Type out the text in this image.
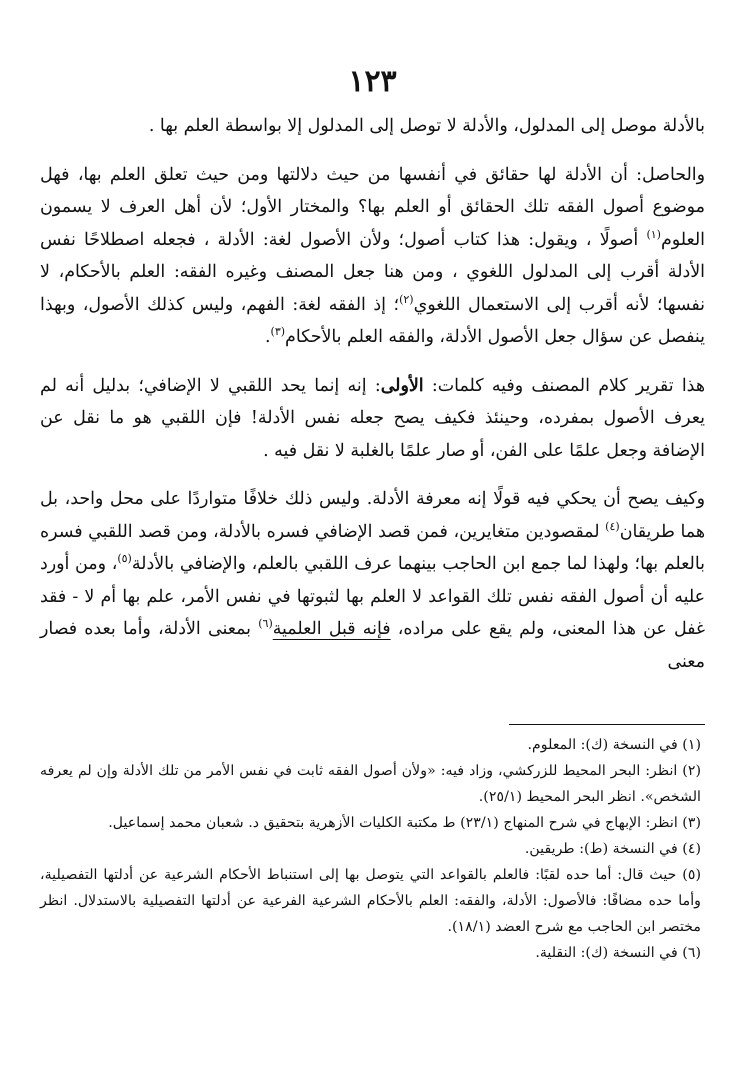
١٢٣

بالأدلة موصل إلى المدلول، والأدلة لا توصل إلى المدلول إلا بواسطة العلم بها .

والحاصل: أن الأدلة لها حقائق في أنفسها من حيث دلالتها ومن حيث تعلق العلم بها، فهل موضوع أصول الفقه تلك الحقائق أو العلم بها؟ والمختار الأول؛ لأن أهل العرف لا يسمون العلوم$^{(١)}$ أصولًا ، ويقول: هذا كتاب أصول؛ ولأن الأصول لغة: الأدلة ، فجعله اصطلاحًا نفس الأدلة أقرب إلى المدلول اللغوي ، ومن هنا جعل المصنف وغيره الفقه: العلم بالأحكام، لا نفسها؛ لأنه أقرب إلى الاستعمال اللغوي$^{(٢)}$؛ إذ الفقه لغة: الفهم، وليس كذلك الأصول، وبهذا ينفصل عن سؤال جعل الأصول الأدلة، والفقه العلم بالأحكام$^{(٣)}$.

هذا تقرير كلام المصنف وفيه كلمات: الأولى: إنه إنما يحد اللقبي لا الإضافي؛ بدليل أنه لم يعرف الأصول بمفرده، وحينئذ فكيف يصح جعله نفس الأدلة! فإن اللقبي هو ما نقل عن الإضافة وجعل علمًا على الفن، أو صار علمًا بالغلبة لا نقل فيه .

وكيف يصح أن يحكي فيه قولًا إنه معرفة الأدلة. وليس ذلك خلافًا متواردًا على محل واحد، بل هما طريقان$^{(٤)}$ لمقصودين متغايرين، فمن قصد الإضافي فسره بالأدلة، ومن قصد اللقبي فسره بالعلم بها؛ ولهذا لما جمع ابن الحاجب بينهما عرف اللقبي بالعلم، والإضافي بالأدلة$^{(٥)}$، ومن أورد عليه أن أصول الفقه نفس تلك القواعد لا العلم بها لثبوتها في نفس الأمر، علم بها أم لا - فقد غفل عن هذا المعنى، ولم يقع على مراده، فإنه قبل العلمية$^{(٦)}$ بمعنى الأدلة، وأما بعده فصار معنى

(١) في النسخة (ك): المعلوم.
(٢) انظر: البحر المحيط للزركشي، وزاد فيه: «ولأن أصول الفقه ثابت في نفس الأمر من تلك الأدلة وإن لم يعرفه الشخص». انظر البحر المحيط (٢٥/١).
(٣) انظر: الإبهاج في شرح المنهاج (٢٣/١) ط مكتبة الكليات الأزهرية بتحقيق د. شعبان محمد إسماعيل.
(٤) في النسخة (ط): طريقين.
(٥) حيث قال: أما حده لقبًا: فالعلم بالقواعد التي يتوصل بها إلى استنباط الأحكام الشرعية عن أدلتها التفصيلية، وأما حده مضافًا: فالأصول: الأدلة، والفقه: العلم بالأحكام الشرعية الفرعية عن أدلتها التفصيلية بالاستدلال. انظر مختصر ابن الحاجب مع شرح العضد (١٨/١).
(٦) في النسخة (ك): النقلية.
